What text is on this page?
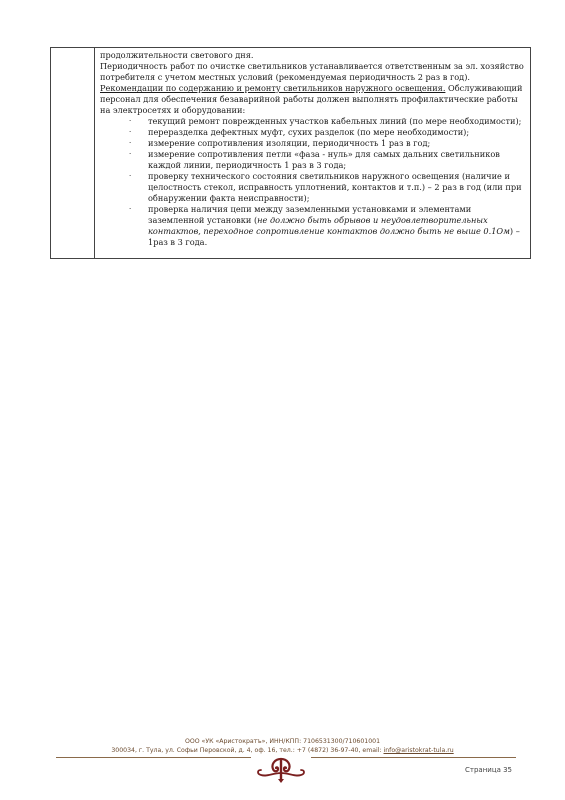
продолжительности светового дня.

Периодичность работ по очистке светильников устанавливается ответственным за эл. хозяйство потребителя с учетом местных условий (рекомендуемая периодичность 2 раз в год).

Рекомендации по содержанию и ремонту светильников наружного освещения. Обслуживающий персонал для обеспечения безаварийной работы должен выполнять профилактические работы на электросетях и оборудовании:

· текущий ремонт поврежденных участков кабельных линий (по мере необходимости);
· переразделка дефектных муфт, сухих разделок (по мере необходимости);
· измерение сопротивления изоляции, периодичность 1 раз в год;
· измерение сопротивления петли «фаза - нуль» для самых дальних светильников каждой линии, периодичность 1 раз в 3 года;
· проверку технического состояния светильников наружного освещения (наличие и целостность стекол, исправность уплотнений, контактов и т.п.) – 2 раз в год (или при обнаружении факта неисправности);
· проверка наличия цепи между заземленными установками и элементами заземленной установки (не должно быть обрывов и неудовлетворительных контактов, переходное сопротивление контактов должно быть не выше 0.1Ом) – 1раз в 3 года.
ООО «УК «Аристократъ», ИНН/КПП: 7106531300/710601001
300034, г. Тула, ул. Софьи Перовской, д. 4, оф. 16, тел.: +7 (4872) 36-97-40, email: info@aristokrat-tula.ru
Страница 35
